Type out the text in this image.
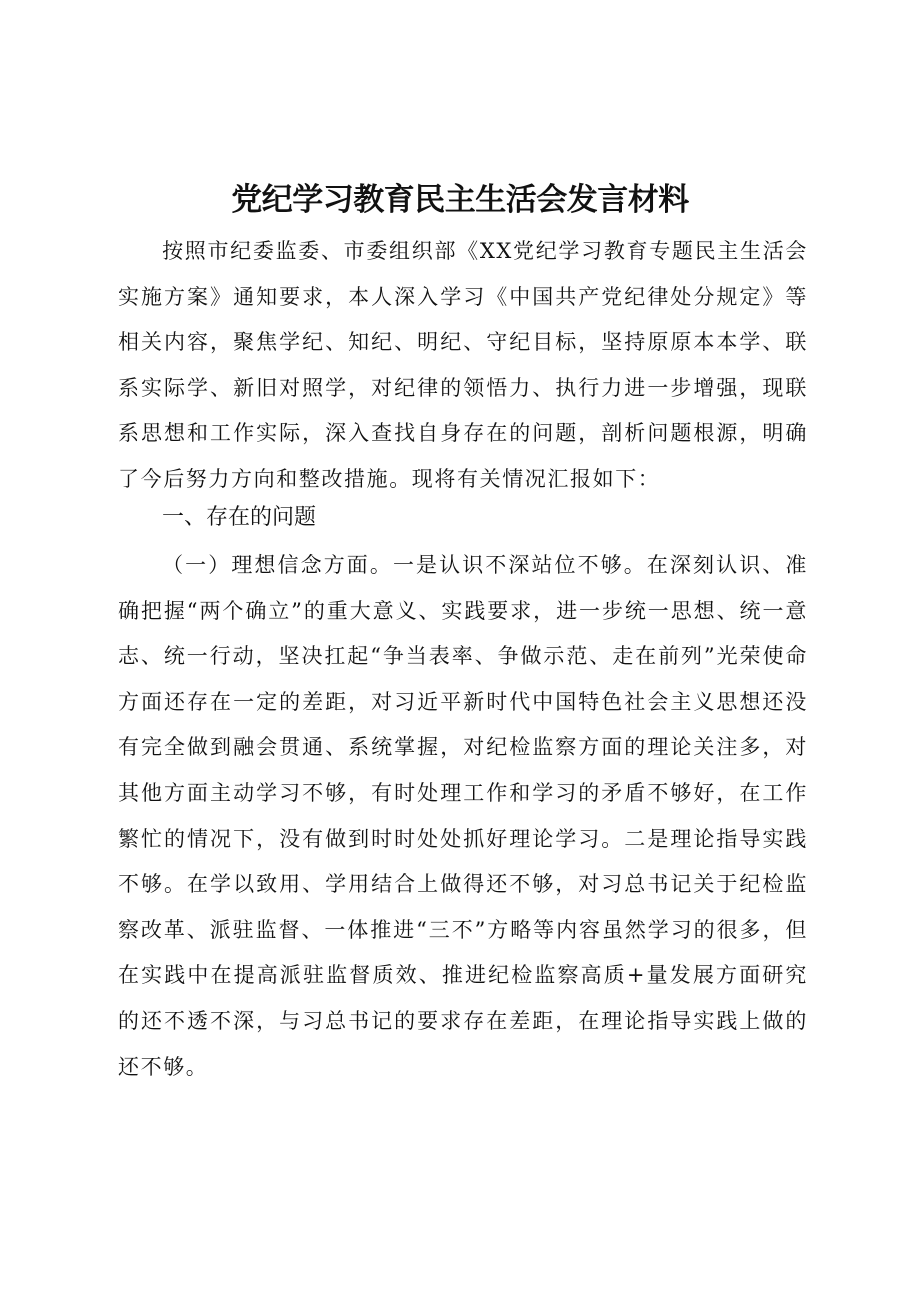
党纪学习教育民主生活会发言材料

按照市纪委监委、市委组织部《XX党纪学习教育专题民主生活会实施方案》通知要求，本人深入学习《中国共产党纪律处分规定》等相关内容，聚焦学纪、知纪、明纪、守纪目标，坚持原原本本学、联系实际学、新旧对照学，对纪律的领悟力、执行力进一步增强，现联系思想和工作实际，深入查找自身存在的问题，剖析问题根源，明确了今后努力方向和整改措施。现将有关情况汇报如下：

一、存在的问题

（一）理想信念方面。一是认识不深站位不够。在深刻认识、准确把握“两个确立”的重大意义、实践要求，进一步统一思想、统一意志、统一行动，坚决扛起“争当表率、争做示范、走在前列”光荣使命方面还存在一定的差距，对习近平新时代中国特色社会主义思想还没有完全做到融会贯通、系统掌握，对纪检监察方面的理论关注多，对其他方面主动学习不够，有时处理工作和学习的矛盾不够好，在工作繁忙的情况下，没有做到时时处处抓好理论学习。二是理论指导实践不够。在学以致用、学用结合上做得还不够，对习总书记关于纪检监察改革、派驻监督、一体推进“三不”方略等内容虽然学习的很多，但在实践中在提高派驻监督质效、推进纪检监察高质+量发展方面研究的还不透不深，与习总书记的要求存在差距，在理论指导实践上做的还不够。
